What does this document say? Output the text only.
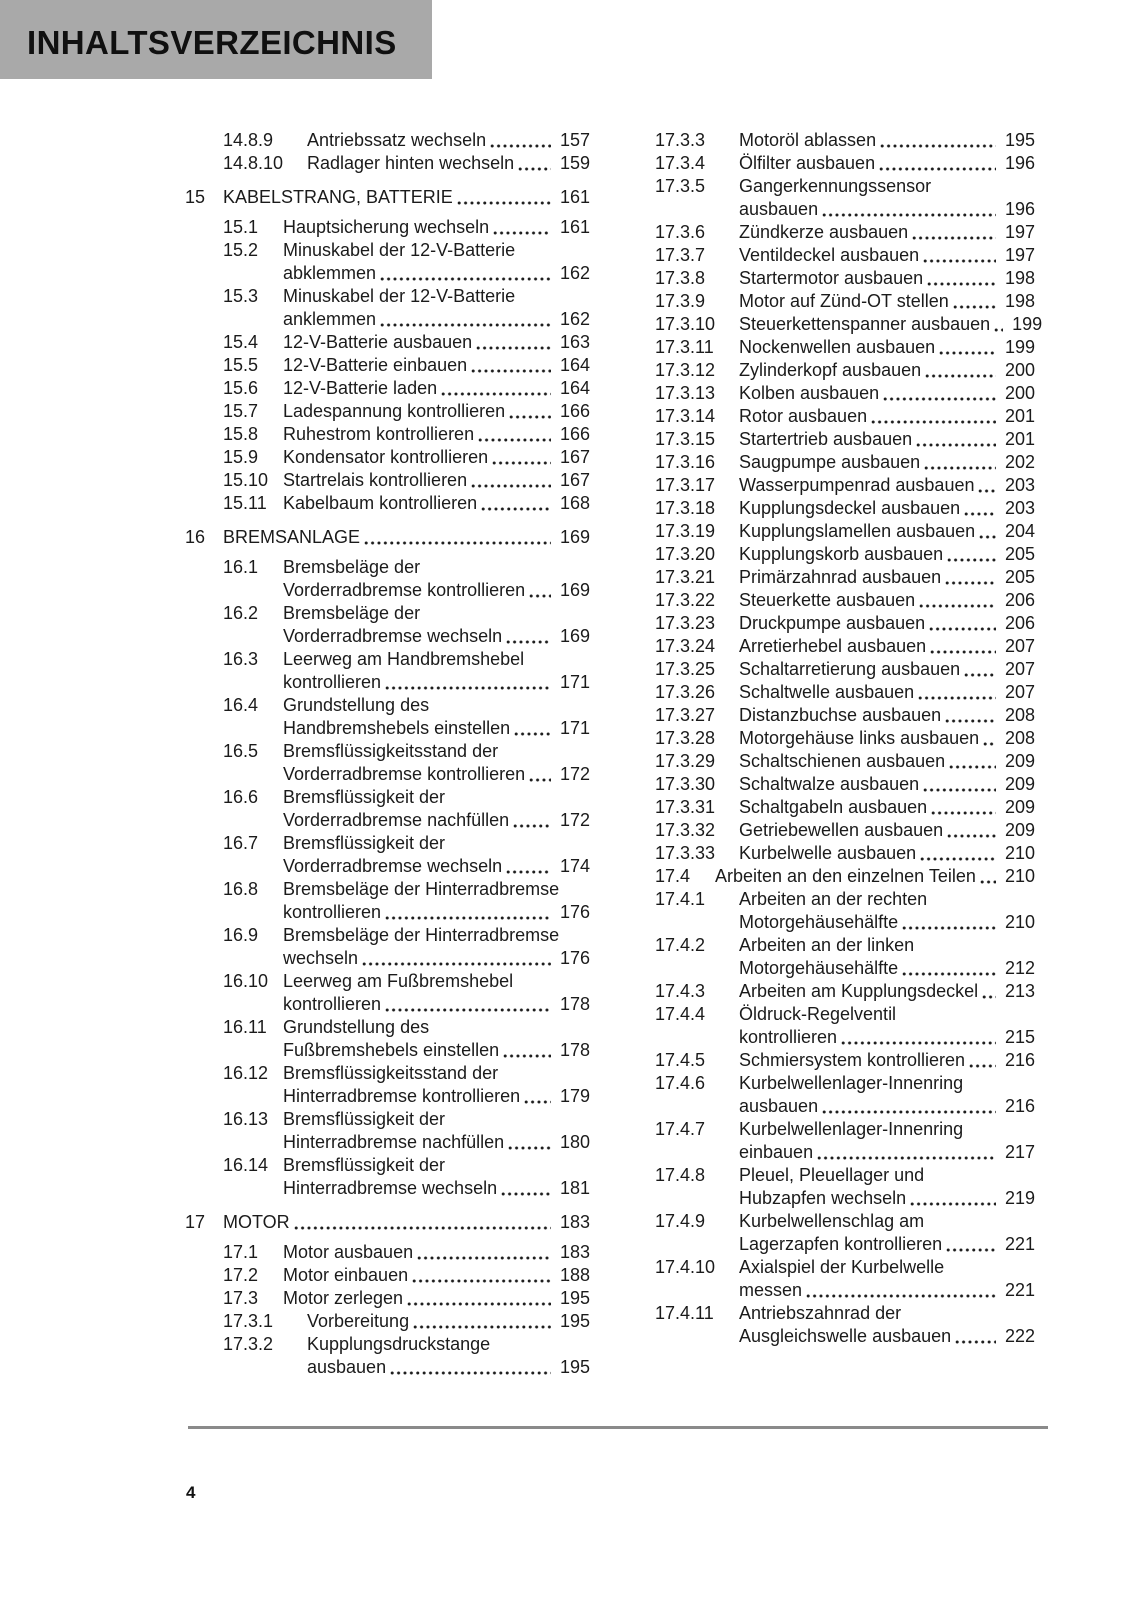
INHALTSVERZEICHNIS
14.8.9	Antriebssatz wechseln	157
14.8.10	Radlager hinten wechseln	159
15 KABELSTRANG, BATTERIE	161
15.1	Hauptsicherung wechseln	161
15.2	Minuskabel der 12-V-Batterie
abklemmen	162
15.3	Minuskabel der 12-V-Batterie
anklemmen	162
15.4	12-V-Batterie ausbauen	163
15.5	12-V-Batterie einbauen	164
15.6	12-V-Batterie laden	164
15.7	Ladespannung kontrollieren	166
15.8	Ruhestrom kontrollieren	166
15.9	Kondensator kontrollieren	167
15.10 Startrelais kontrollieren	167
15.11 Kabelbaum kontrollieren	168
16 BREMSANLAGE	169
16.1	Bremsbeläge der
Vorderradbremse kontrollieren	169
16.2	Bremsbeläge der
Vorderradbremse wechseln	169
16.3	Leerweg am Handbremshebel
kontrollieren	171
16.4	Grundstellung des
Handbremshebels einstellen	171
16.5	Bremsflüssigkeitsstand der
Vorderradbremse kontrollieren	172
16.6	Bremsflüssigkeit der
Vorderradbremse nachfüllen	172
16.7	Bremsflüssigkeit der
Vorderradbremse wechseln	174
16.8	Bremsbeläge der Hinterradbremse
kontrollieren	176
16.9	Bremsbeläge der Hinterradbremse
wechseln	176
16.10 Leerweg am Fußbremshebel
kontrollieren	178
16.11 Grundstellung des
Fußbremshebels einstellen	178
16.12 Bremsflüssigkeitsstand der
Hinterradbremse kontrollieren	179
16.13 Bremsflüssigkeit der
Hinterradbremse nachfüllen	180
16.14 Bremsflüssigkeit der
Hinterradbremse wechseln	181
17 MOTOR	183
17.1	Motor ausbauen	183
17.2	Motor einbauen	188
17.3	Motor zerlegen	195
17.3.1	Vorbereitung	195
17.3.2	Kupplungsdruckstange
ausbauen	195
17.3.3	Motoröl ablassen	195
17.3.4	Ölfilter ausbauen	196
17.3.5	Gangerkennungssensor
ausbauen	196
17.3.6	Zündkerze ausbauen	197
17.3.7	Ventildeckel ausbauen	197
17.3.8	Startermotor ausbauen	198
17.3.9	Motor auf Zünd-OT stellen	198
17.3.10	Steuerkettenspanner ausbauen	199
17.3.11	Nockenwellen ausbauen	199
17.3.12	Zylinderkopf ausbauen	200
17.3.13	Kolben ausbauen	200
17.3.14	Rotor ausbauen	201
17.3.15	Startertrieb ausbauen	201
17.3.16	Saugpumpe ausbauen	202
17.3.17	Wasserpumpenrad ausbauen	203
17.3.18	Kupplungsdeckel ausbauen	203
17.3.19	Kupplungslamellen ausbauen	204
17.3.20	Kupplungskorb ausbauen	205
17.3.21	Primärzahnrad ausbauen	205
17.3.22	Steuerkette ausbauen	206
17.3.23	Druckpumpe ausbauen	206
17.3.24	Arretierhebel ausbauen	207
17.3.25	Schaltarretierung ausbauen	207
17.3.26	Schaltwelle ausbauen	207
17.3.27	Distanzbuchse ausbauen	208
17.3.28	Motorgehäuse links ausbauen	208
17.3.29	Schaltschienen ausbauen	209
17.3.30	Schaltwalze ausbauen	209
17.3.31	Schaltgabeln ausbauen	209
17.3.32	Getriebewellen ausbauen	209
17.3.33	Kurbelwelle ausbauen	210
17.4	Arbeiten an den einzelnen Teilen	210
17.4.1	Arbeiten an der rechten
Motorgehäusehälfte	210
17.4.2	Arbeiten an der linken
Motorgehäusehälfte	212
17.4.3	Arbeiten am Kupplungsdeckel	213
17.4.4	Öldruck-Regelventil
kontrollieren	215
17.4.5	Schmiersystem kontrollieren	216
17.4.6	Kurbelwellenlager-Innenring
ausbauen	216
17.4.7	Kurbelwellenlager-Innenring
einbauen	217
17.4.8	Pleuel, Pleuellager und
Hubzapfen wechseln	219
17.4.9	Kurbelwellenschlag am
Lagerzapfen kontrollieren	221
17.4.10	Axialspiel der Kurbelwelle
messen	221
17.4.11	Antriebszahnrad der
Ausgleichswelle ausbauen	222
4
